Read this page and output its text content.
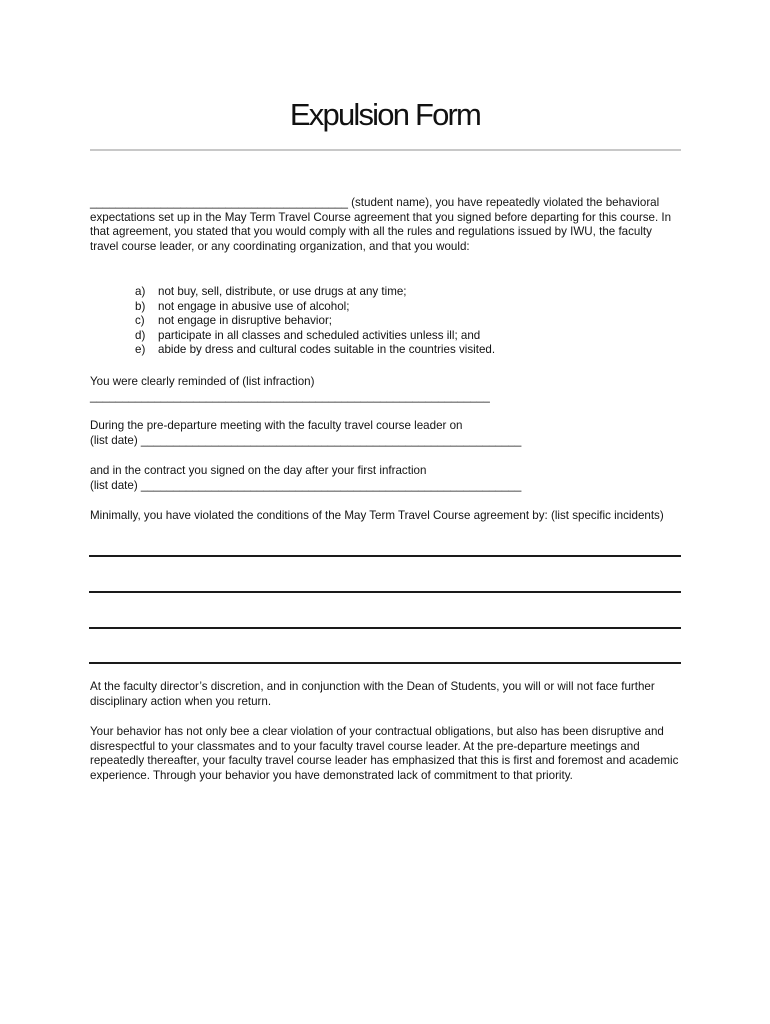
Expulsion Form
________________________________________ (student name), you have repeatedly violated the behavioral expectations set up in the May Term Travel Course agreement that you signed before departing for this course. In that agreement, you stated that you would comply with all the rules and regulations issued by IWU, the faculty travel course leader, or any coordinating organization, and that you would:
a)	not buy, sell, distribute, or use drugs at any time;
b)	not engage in abusive use of alcohol;
c)	not engage in disruptive behavior;
d)	participate in all classes and scheduled activities unless ill; and
e)	abide by dress and cultural codes suitable in the countries visited.
You were clearly reminded of (list infraction)
______________________________________________________________
During the pre-departure meeting with the faculty travel course leader on
(list date) ___________________________________________________________
and in the contract you signed on the day after your first infraction
(list date) ___________________________________________________________
Minimally, you have violated the conditions of the May Term Travel Course agreement by: (list specific incidents)
At the faculty director’s discretion, and in conjunction with the Dean of Students, you will or will not face further disciplinary action when you return.
Your behavior has not only bee a clear violation of your contractual obligations, but also has been disruptive and disrespectful to your classmates and to your faculty travel course leader. At the pre-departure meetings and repeatedly thereafter, your faculty travel course leader has emphasized that this is first and foremost and academic experience. Through your behavior you have demonstrated lack of commitment to that priority.
